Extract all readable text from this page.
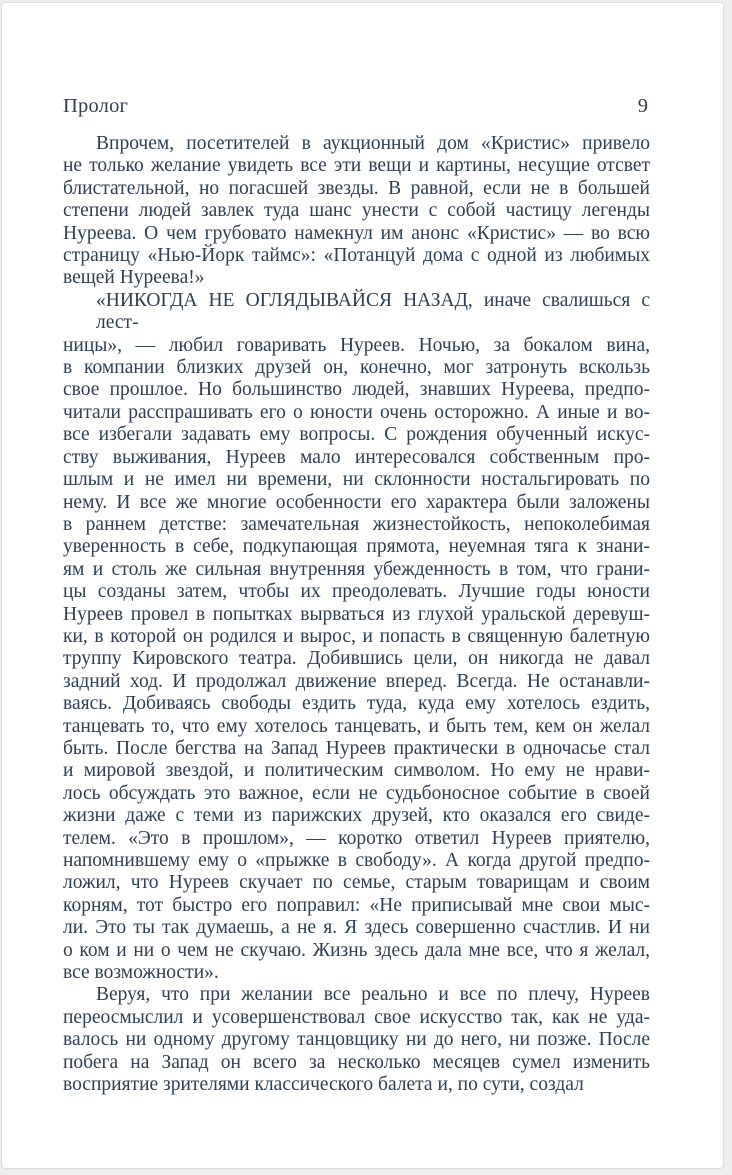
Пролог	9
Впрочем, посетителей в аукционный дом «Кристис» привело
не только желание увидеть все эти вещи и картины, несущие отсвет
блистательной, но погасшей звезды. В равной, если не в большей
степени людей завлек туда шанс унести с собой частицу легенды
Нуреева. О чем грубовато намекнул им анонс «Кристис» — во всю
страницу «Нью-Йорк таймс»: «Потанцуй дома с одной из любимых
вещей Нуреева!»
«НИКОГДА НЕ ОГЛЯДЫВАЙСЯ НАЗАД, иначе свалишься с лест-
ницы», — любил говаривать Нуреев. Ночью, за бокалом вина,
в компании близких друзей он, конечно, мог затронуть вскользь
свое прошлое. Но большинство людей, знавших Нуреева, предпо-
читали расспрашивать его о юности очень осторожно. А иные и во-
все избегали задавать ему вопросы. С рождения обученный искус-
ству выживания, Нуреев мало интересовался собственным про-
шлым и не имел ни времени, ни склонности ностальгировать по
нему. И все же многие особенности его характера были заложены
в раннем детстве: замечательная жизнестойкость, непоколебимая
уверенность в себе, подкупающая прямота, неуемная тяга к знани-
ям и столь же сильная внутренняя убежденность в том, что грани-
цы созданы затем, чтобы их преодолевать. Лучшие годы юности
Нуреев провел в попытках вырваться из глухой уральской деревуш-
ки, в которой он родился и вырос, и попасть в священную балетную
труппу Кировского театра. Добившись цели, он никогда не давал
задний ход. И продолжал движение вперед. Всегда. Не останавли-
ваясь. Добиваясь свободы ездить туда, куда ему хотелось ездить,
танцевать то, что ему хотелось танцевать, и быть тем, кем он желал
быть. После бегства на Запад Нуреев практически в одночасье стал
и мировой звездой, и политическим символом. Но ему не нрави-
лось обсуждать это важное, если не судьбоносное событие в своей
жизни даже с теми из парижских друзей, кто оказался его свиде-
телем. «Это в прошлом», — коротко ответил Нуреев приятелю,
напомнившему ему о «прыжке в свободу». А когда другой предпо-
ложил, что Нуреев скучает по семье, старым товарищам и своим
корням, тот быстро его поправил: «Не приписывай мне свои мыс-
ли. Это ты так думаешь, а не я. Я здесь совершенно счастлив. И ни
о ком и ни о чем не скучаю. Жизнь здесь дала мне все, что я желал,
все возможности».
Веруя, что при желании все реально и все по плечу, Нуреев
переосмыслил и усовершенствовал свое искусство так, как не уда-
валось ни одному другому танцовщику ни до него, ни позже. После
побега на Запад он всего за несколько месяцев сумел изменить
восприятие зрителями классического балета и, по сути, создал
